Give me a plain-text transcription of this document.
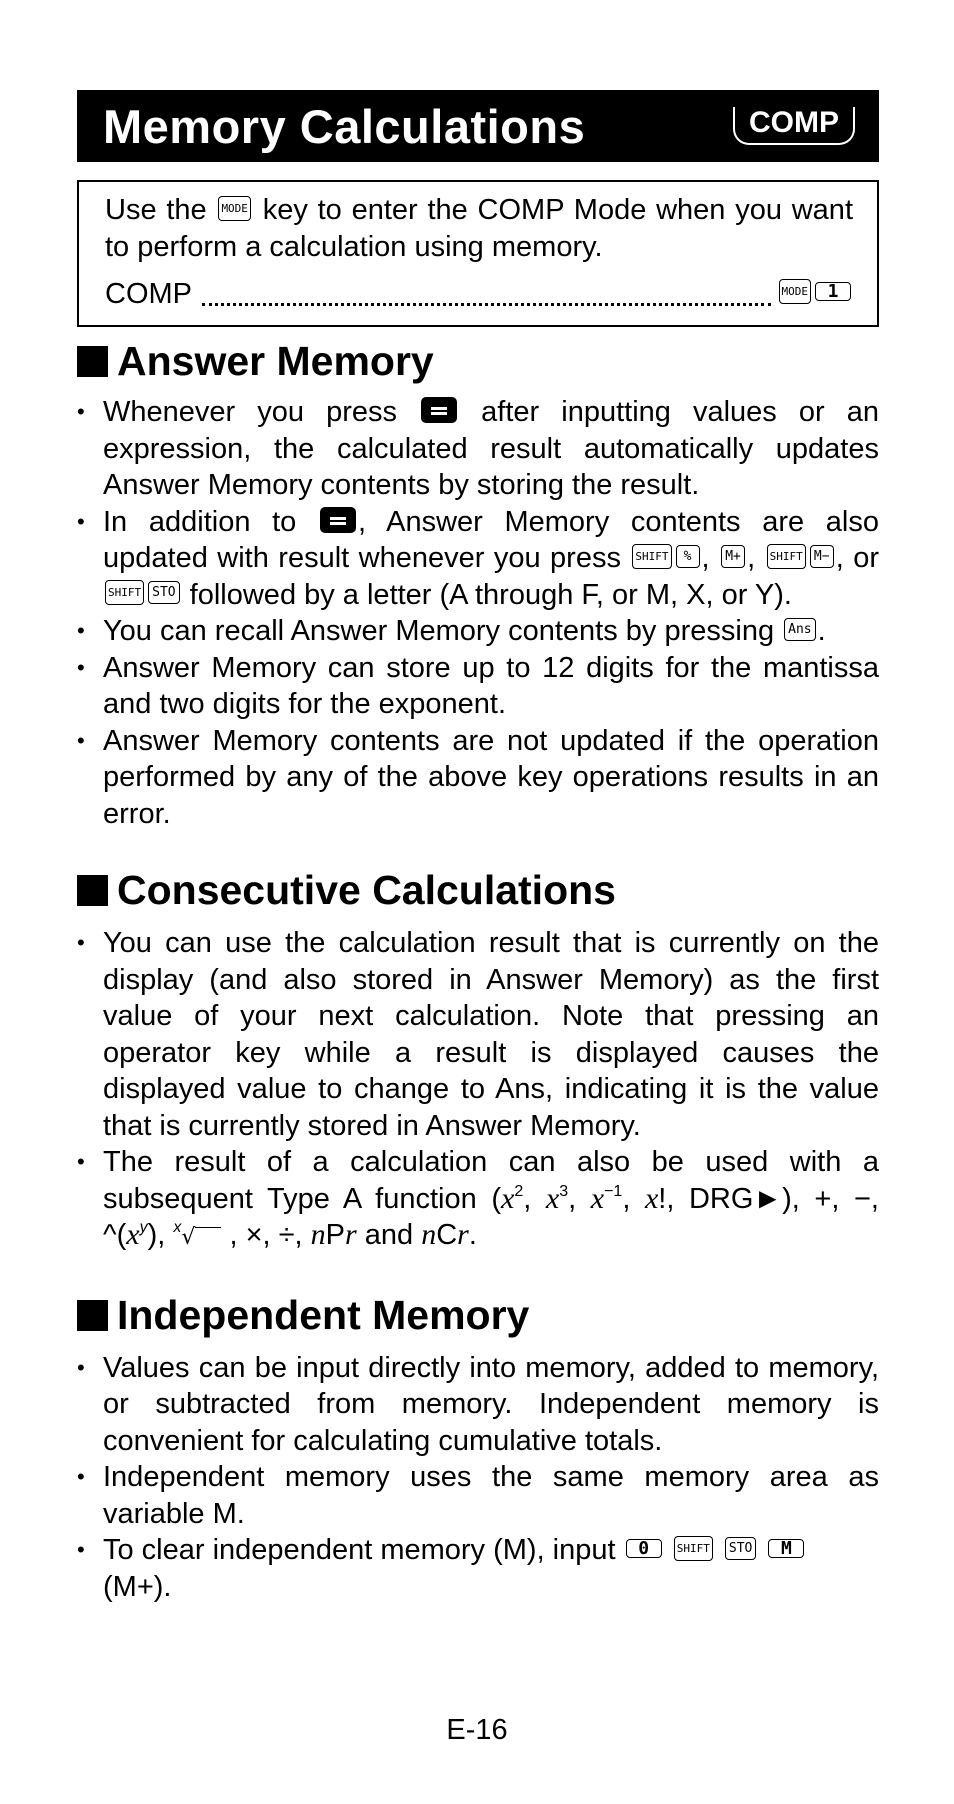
Memory Calculations	COMP

Use the MODE key to enter the COMP Mode when you want to perform a calculation using memory.

COMP	MODE	1
Answer Memory
• Whenever you press  after inputting values or an expression, the calculated result automatically updates Answer Memory contents by storing the result.
• In addition to , Answer Memory contents are also updated with result whenever you press SHIFT % , M+ , SHIFT M− , or SHIFT STO followed by a letter (A through F, or M, X, or Y).
• You can recall Answer Memory contents by pressing Ans .
• Answer Memory can store up to 12 digits for the mantissa and two digits for the exponent.
• Answer Memory contents are not updated if the operation performed by any of the above key operations results in an error.
Consecutive Calculations
• You can use the calculation result that is currently on the display (and also stored in Answer Memory) as the first value of your next calculation. Note that pressing an operator key while a result is displayed causes the displayed value to change to Ans, indicating it is the value that is currently stored in Answer Memory.
• The result of a calculation can also be used with a subsequent Type A function ($x^2$, $x^3$, $x^{-1}$, x!, DRG►), +, −, $\^{}(x^y)$, $^x$√ , ×, ÷, nPr and nCr.
Independent Memory
• Values can be input directly into memory, added to memory, or subtracted from memory. Independent memory is convenient for calculating cumulative totals.
• Independent memory uses the same memory area as variable M.
• To clear independent memory (M), input 0	SHIFT STO M
(M+).
E-16
